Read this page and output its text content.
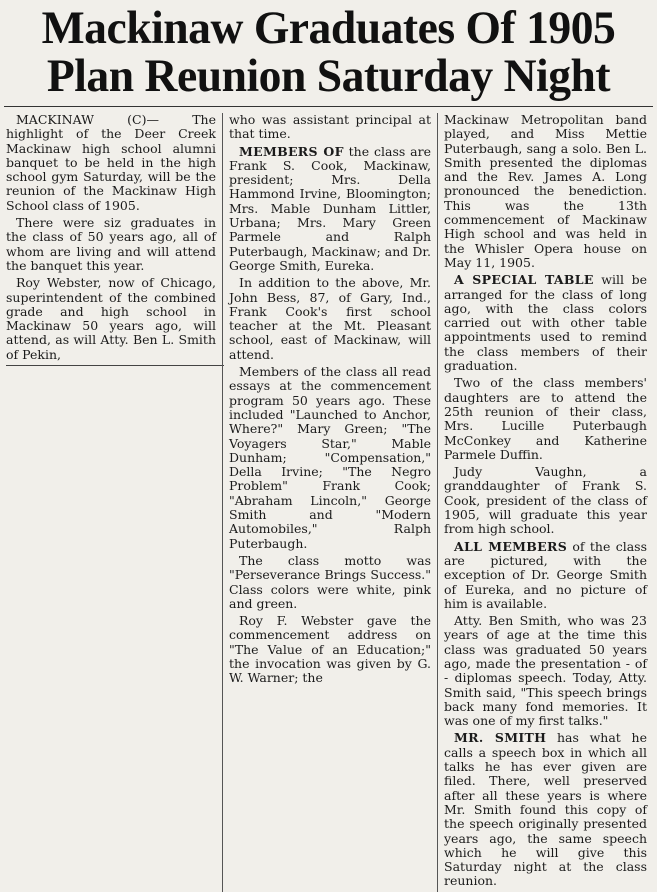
Mackinaw Graduates Of 1905
Plan Reunion Saturday Night

MACKINAW (C)— The highlight of the Deer Creek Mackinaw high school alumni banquet to be held in the high school gym Saturday, will be the reunion of the Mackinaw High School class of 1905.

There were siz graduates in the class of 50 years ago, all of whom are living and will attend the banquet this year.

Roy Webster, now of Chicago, superintendent of the combined grade and high school in Mackinaw 50 years ago, will attend, as will Atty. Ben L. Smith of Pekin,

who was assistant principal at that time.

MEMBERS OF the class are Frank S. Cook, Mackinaw, president; Mrs. Della Hammond Irvine, Bloomington; Mrs. Mable Dunham Littler, Urbana; Mrs. Mary Green Parmele and Ralph Puterbaugh, Mackinaw; and Dr. George Smith, Eureka.

In addition to the above, Mr. John Bess, 87, of Gary, Ind., Frank Cook's first school teacher at the Mt. Pleasant school, east of Mackinaw, will attend.

Members of the class all read essays at the commencement program 50 years ago. These included "Launched to Anchor, Where?" Mary Green; "The Voyagers Star," Mable Dunham; "Compensation," Della Irvine; "The Negro Problem" Frank Cook; "Abraham Lincoln," George Smith and "Modern Automobiles," Ralph Puterbaugh.

The class motto was "Perseverance Brings Success." Class colors were white, pink and green.

Roy F. Webster gave the commencement address on "The Value of an Education;" the invocation was given by G. W. Warner; the

Mackinaw Metropolitan band played, and Miss Mettie Puterbaugh, sang a solo. Ben L. Smith presented the diplomas and the Rev. James A. Long pronounced the benediction. This was the 13th commencement of Mackinaw High school and was held in the Whisler Opera house on May 11, 1905.

A SPECIAL TABLE will be arranged for the class of long ago, with the class colors carried out with other table appointments used to remind the class members of their graduation.

Two of the class members' daughters are to attend the 25th reunion of their class, Mrs. Lucille Puterbaugh McConkey and Katherine Parmele Duffin.

Judy Vaughn, a granddaughter of Frank S. Cook, president of the class of 1905, will graduate this year from high school.

ALL MEMBERS of the class are pictured, with the exception of Dr. George Smith of Eureka, and no picture of him is available.

Atty. Ben Smith, who was 23 years of age at the time this class was graduated 50 years ago, made the presentation - of - diplomas speech. Today, Atty. Smith said, "This speech brings back many fond memories. It was one of my first talks."

MR. SMITH has what he calls a speech box in which all talks he has ever given are filed. There, well preserved after all these years is where Mr. Smith found this copy of the speech originally presented years ago, the same speech which he will give this Saturday night at the class reunion.
